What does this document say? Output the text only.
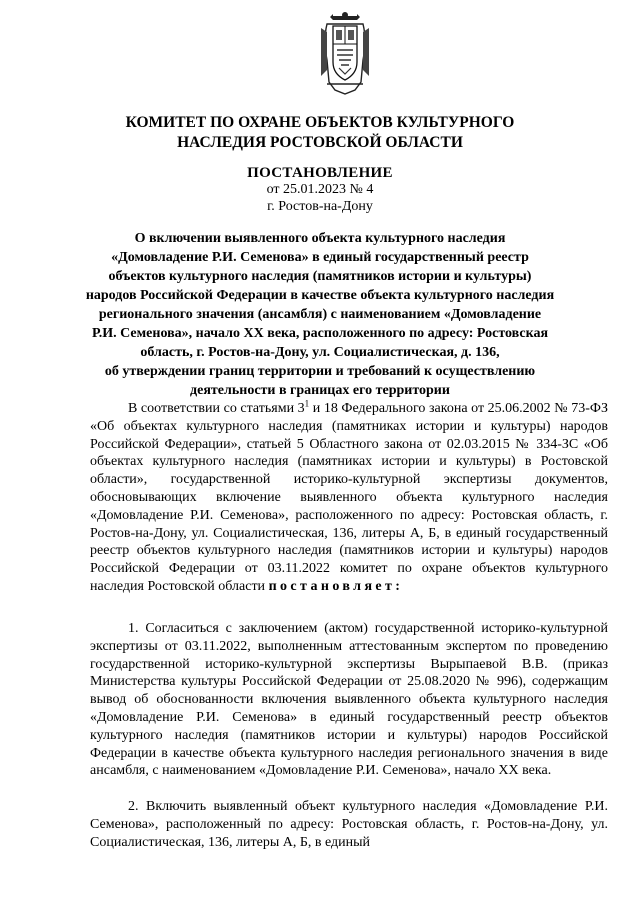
КОМИТЕТ ПО ОХРАНЕ ОБЪЕКТОВ КУЛЬТУРНОГО
НАСЛЕДИЯ РОСТОВСКОЙ ОБЛАСТИ
ПОСТАНОВЛЕНИЕ
от 25.01.2023 № 4
г. Ростов-на-Дону
О включении выявленного объекта культурного наследия
«Домовладение Р.И. Семенова» в единый государственный реестр
объектов культурного наследия (памятников истории и культуры)
народов Российской Федерации в качестве объекта культурного наследия
регионального значения (ансамбля) с наименованием «Домовладение
Р.И. Семенова», начало XX века, расположенного по адресу: Ростовская
область, г. Ростов-на-Дону, ул. Социалистическая, д. 136,
об утверждении границ территории и требований к осуществлению
деятельности в границах его территории
В соответствии со статьями $3^1$ и 18 Федерального закона от 25.06.2002 № 73-ФЗ «Об объектах культурного наследия (памятниках истории и культуры) народов Российской Федерации», статьей 5 Областного закона от 02.03.2015 № 334-ЗС «Об объектах культурного наследия (памятниках истории и культуры) в Ростовской области», государственной историко-культурной экспертизы документов, обосновывающих включение выявленного объекта культурного наследия «Домовладение Р.И. Семенова», расположенного по адресу: Ростовская область, г. Ростов-на-Дону, ул. Социалистическая, 136, литеры А, Б, в единый государственный реестр объектов культурного наследия (памятников истории и культуры) народов Российской Федерации от 03.11.2022 комитет по охране объектов культурного наследия Ростовской области постановляет:
1. Согласиться с заключением (актом) государственной историко-культурной экспертизы от 03.11.2022, выполненным аттестованным экспертом по проведению государственной историко-культурной экспертизы Вырыпаевой В.В. (приказ Министерства культуры Российской Федерации от 25.08.2020 № 996), содержащим вывод об обоснованности включения выявленного объекта культурного наследия «Домовладение Р.И. Семенова» в единый государственный реестр объектов культурного наследия (памятников истории и культуры) народов Российской Федерации в качестве объекта культурного наследия регионального значения в виде ансамбля, с наименованием «Домовладение Р.И. Семенова», начало XX века.
2. Включить выявленный объект культурного наследия «Домовладение Р.И. Семенова», расположенный по адресу: Ростовская область, г. Ростов-на-Дону, ул. Социалистическая, 136, литеры А, Б, в единый
